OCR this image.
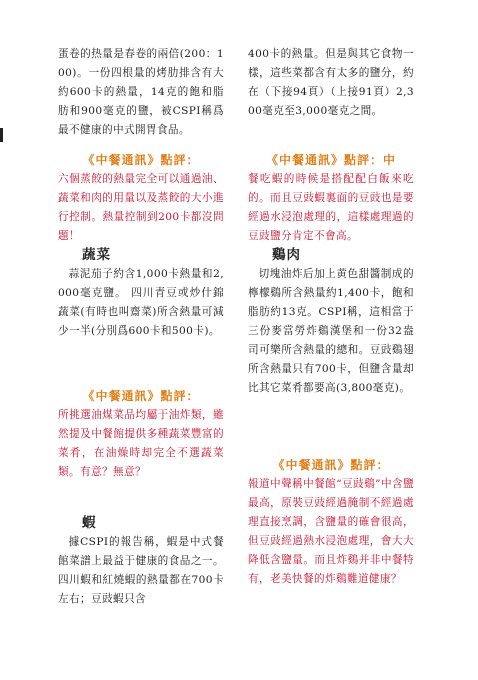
蛋卷的热量是春卷的兩倍(200：100)。一份四根量的烤肋排含有大約600卡的熱量，14克的飽和脂肪和900毫克的鹽，被CSPI稱爲最不健康的中式開胃食品。

《中餐通訊》點評：

六個蒸餃的熱量完全可以通過油、蔬菜和肉的用量以及蒸餃的大小進行控制。熱量控制到200卡都沒問題！

蔬菜

蒜泥茄子約含1,000卡熱量和2,000毫克鹽。 四川青豆或炒什錦蔬菜(有時也叫齋菜)所含熱量可減少一半(分別爲600卡和500卡)。

《中餐通訊》點評：

所挑選油煤菜品均屬于油炸類，雖然提及中餐館提供多種蔬菜豐富的菜肴，在油燥時却完全不選蔬菜類。有意？無意？

蝦

據CSPI的報告稱，蝦是中式餐館菜譜上最益于健康的食品之一。四川蝦和紅燒蝦的熱量都在700卡左右；豆豉蝦只含

400卡的熱量。但是與其它食物一樣，這些菜都含有太多的鹽分，約在（下接94頁）（上接91頁）2,300毫克至3,000毫克之間。

《中餐通訊》點評：中

餐吃蝦的時候是搭配配白飯來吃的。而且豆豉蝦裏面的豆豉也是要經過水浸泡處理的，這樣處理過的豆豉鹽分肯定不會高。

鷄肉

切塊油炸后加上黄色甜醬制成的檸檬鷄所含熱量約1,400卡，飽和脂肪約13克。CSPI稱，這相當于三份麥當勞炸鷄漢堡和一份32盎司可樂所含熱量的總和。豆豉鷄翅所含熱量只有700卡，但鹽含量却比其它菜肴都要高(3,800毫克)。

《中餐通訊》點評：

報道中聲稱中餐館“豆豉鷄”中含鹽最高，原裝豆豉經過腌制不經過處理直接烹調，含鹽量的確會很高，但豆豉經過熱水浸泡處理，會大大降低含鹽量。而且炸鷄并非中餐特有，老美快餐的炸鷄難道健康？
